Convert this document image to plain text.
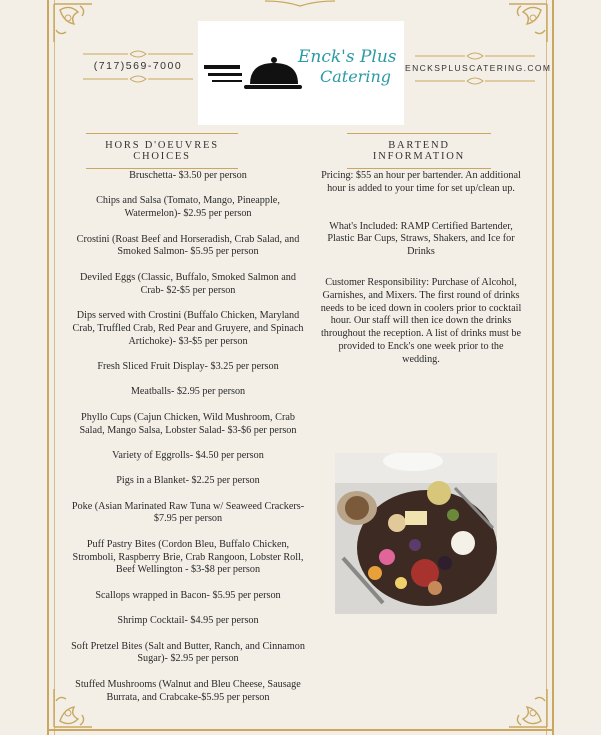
(717)569-7000	Enck's Plus
Catering ENCKSPLUSCATERING.COM
HORS D'OEUVRES CHOICES
BARTEND INFORMATION

Bruschetta- $3.50 per person

Chips and Salsa (Tomato, Mango, Pineapple, Watermelon)- $2.95 per person

Crostini (Roast Beef and Horseradish, Crab Salad, and Smoked Salmon- $5.95 per person

Deviled Eggs (Classic, Buffalo, Smoked Salmon and Crab- $2-$5 per person

Dips served with Crostini (Buffalo Chicken, Maryland Crab, Truffled Crab, Red Pear and Gruyere, and Spinach Artichoke)- $3-$5 per person

Fresh Sliced Fruit Display- $3.25 per person

Meatballs- $2.95 per person

Phyllo Cups (Cajun Chicken, Wild Mushroom, Crab Salad, Mango Salsa, Lobster Salad- $3-$6 per person

Variety of Eggrolls- $4.50 per person

Pigs in a Blanket- $2.25 per person

Poke (Asian Marinated Raw Tuna w/ Seaweed Crackers- $7.95 per person

Puff Pastry Bites (Cordon Bleu, Buffalo Chicken, Stromboli, Raspberry Brie, Crab Rangoon, Lobster Roll, Beef Wellington - $3-$8 per person

Scallops wrapped in Bacon- $5.95 per person

Shrimp Cocktail- $4.95 per person

Soft Pretzel Bites (Salt and Butter, Ranch, and Cinnamon Sugar)- $2.95 per person

Stuffed Mushrooms (Walnut and Bleu Cheese, Sausage Burrata, and Crabcake-$5.95 per person

Pricing: $55 an hour per bartender. An additional hour is added to your time for set up/clean up.

What's Included: RAMP Certified Bartender, Plastic Bar Cups, Straws, Shakers, and Ice for Drinks

Customer Responsibility: Purchase of Alcohol, Garnishes, and Mixers. The first round of drinks needs to be iced down in coolers prior to cocktail hour. Our staff will then ice down the drinks throughout the reception. A list of drinks must be provided to Enck's one week prior to the wedding.
